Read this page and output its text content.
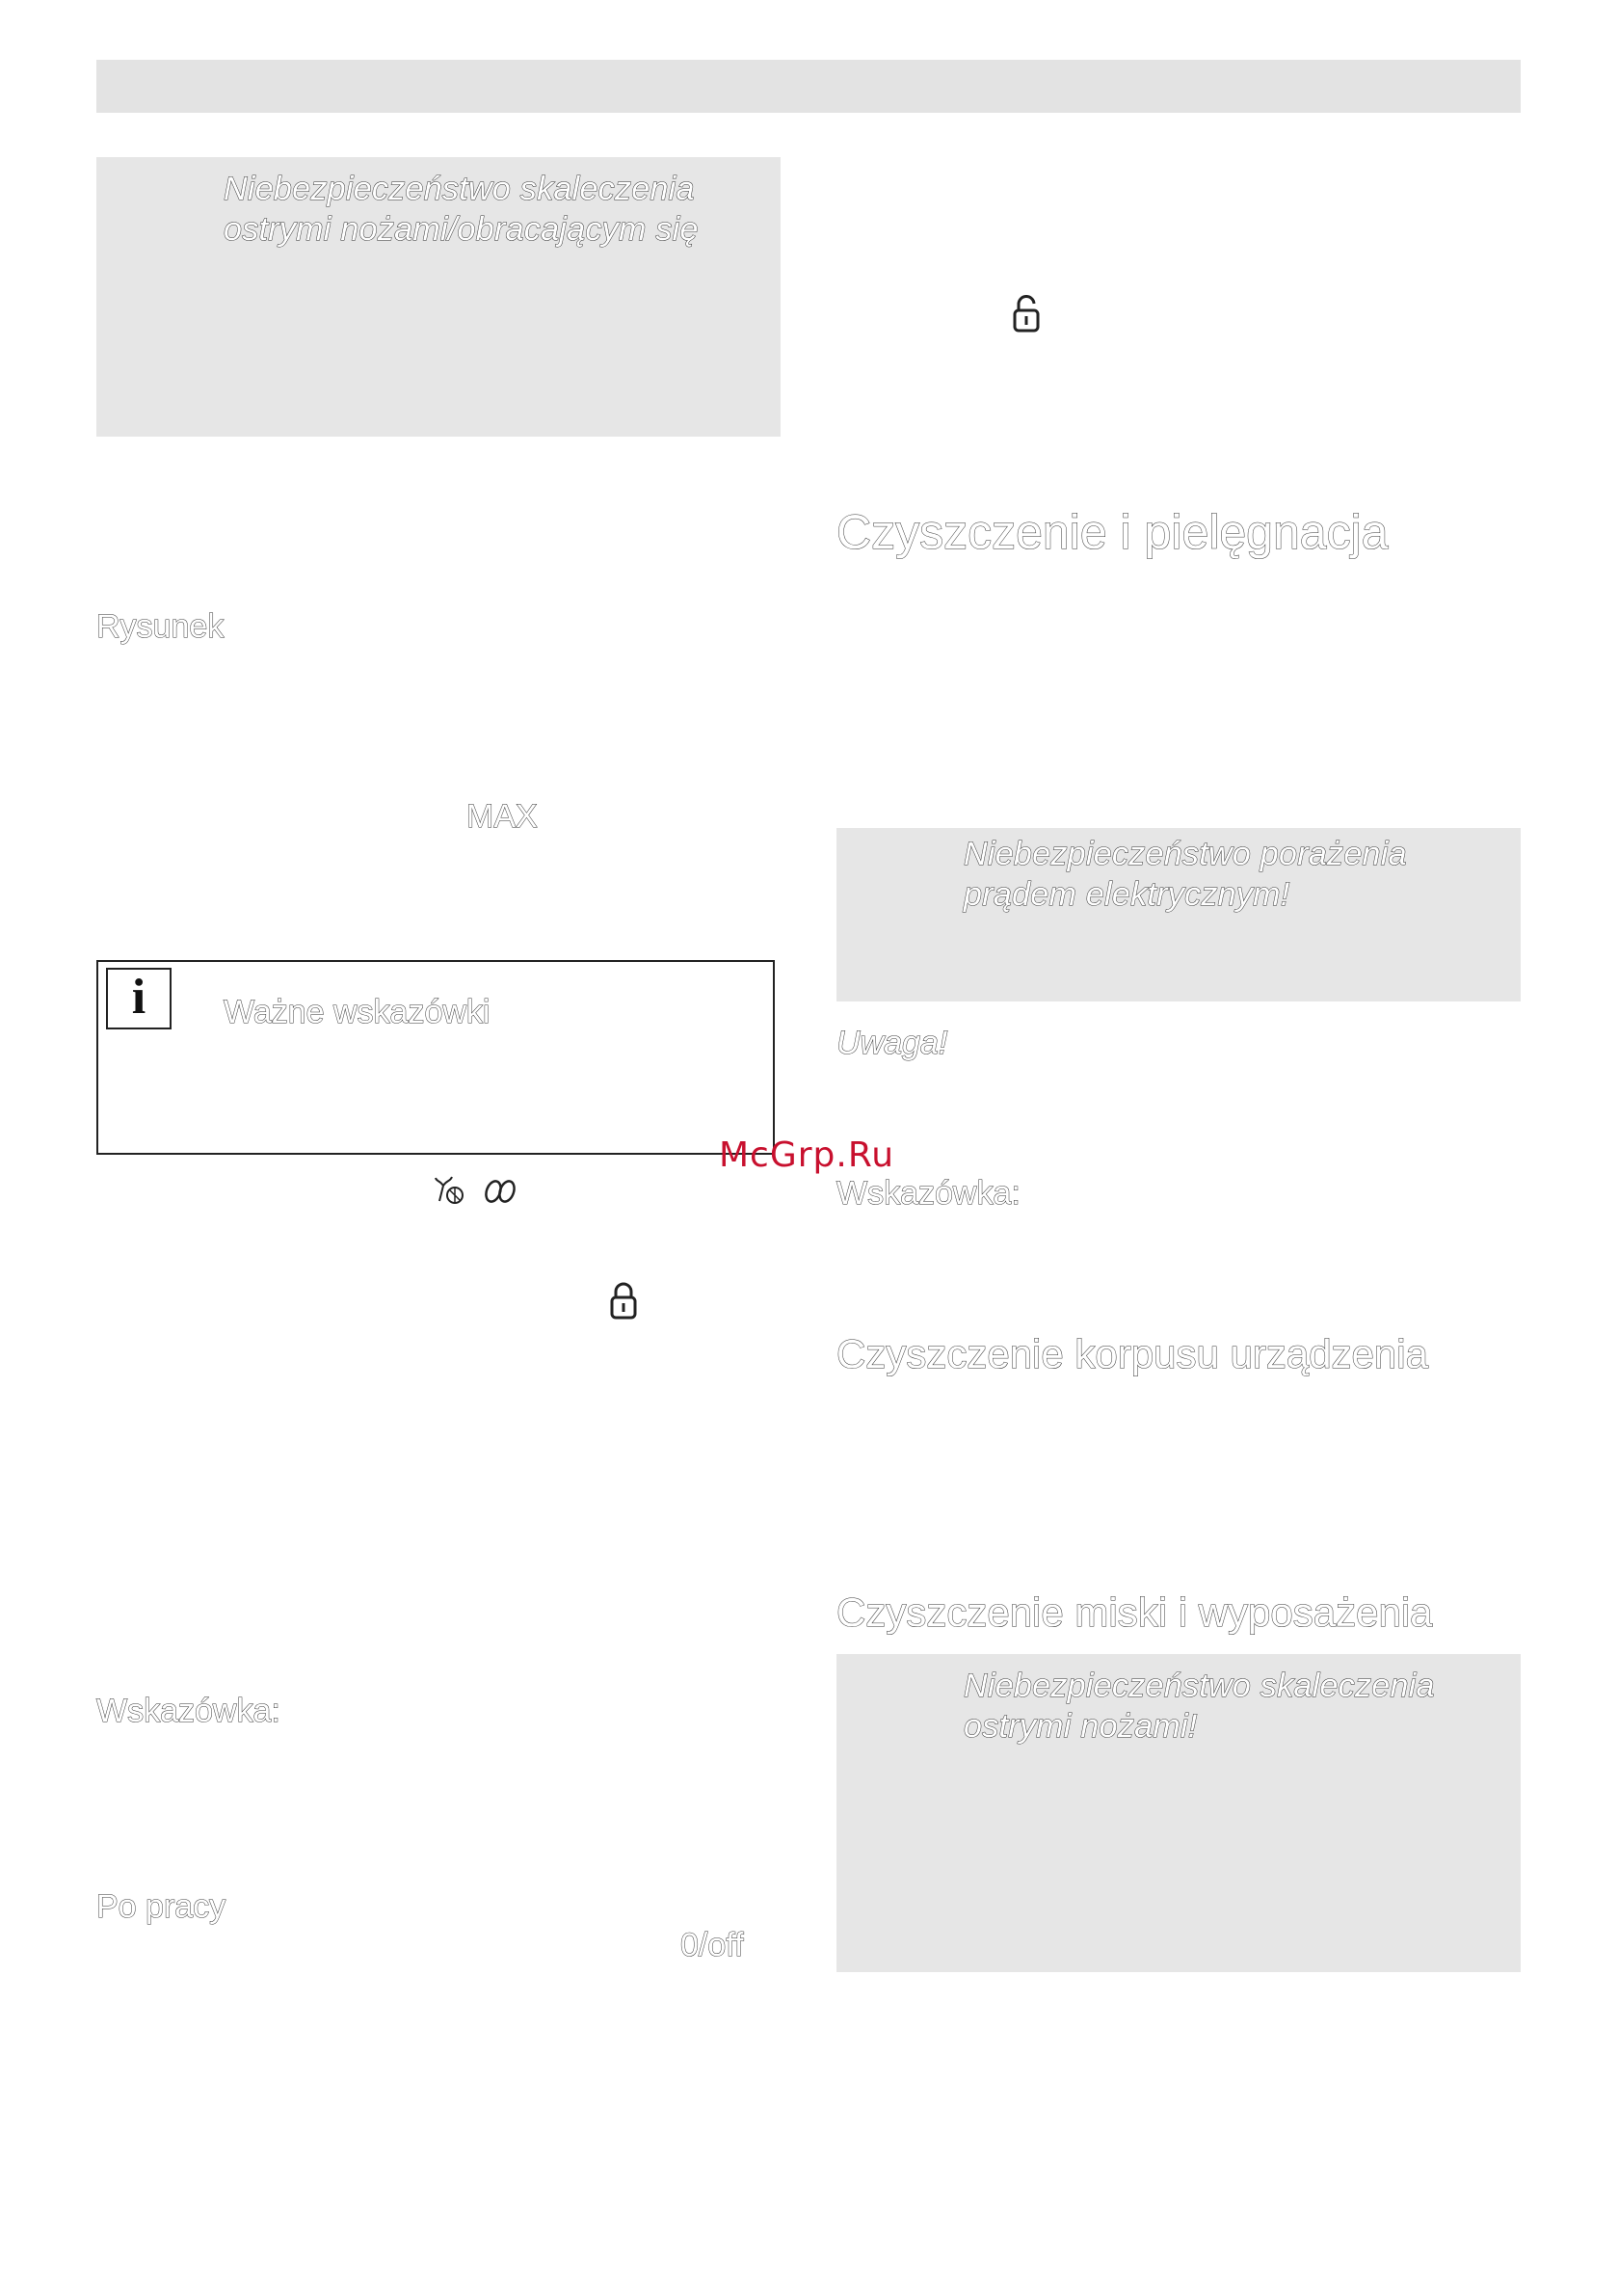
Niebezpieczeństwo skaleczenia
ostrymi nożami/obracającym się
Rysunek
MAX
i	Ważne wskazówki
McGrp.Ru
Wskazówka:
Po pracy
0/off
Czyszczenie i pielęgnacja
Niebezpieczeństwo porażenia
prądem elektrycznym!
Uwaga!
Wskazówka:
Czyszczenie korpusu urządzenia
Czyszczenie miski i wyposażenia
Niebezpieczeństwo skaleczenia
ostrymi nożami!
